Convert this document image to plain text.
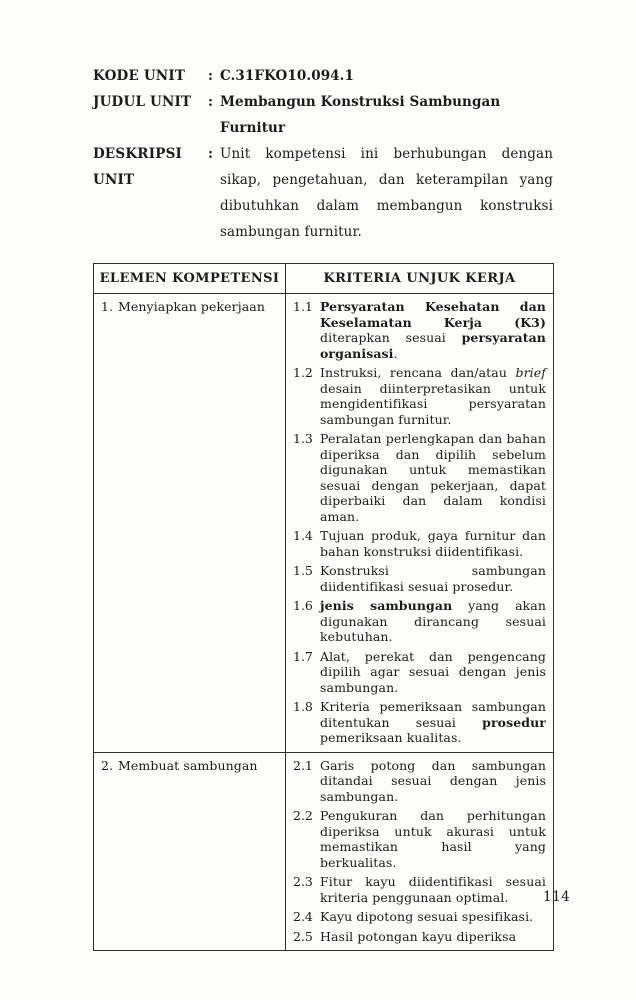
KODE UNIT	: C.31FKO10.094.1
JUDUL UNIT	: Membangun Konstruksi Sambungan Furnitur
DESKRIPSI UNIT
: Unit kompetensi ini berhubungan dengan sikap, pengetahuan, dan keterampilan yang dibutuhkan dalam membangun konstruksi sambungan furnitur.
ELEMEN KOMPETENSI	KRITERIA UNJUK KERJA

1. Menyiapkan pekerjaan	1.1 Persyaratan Kesehatan dan Keselamatan Kerja (K3) diterapkan sesuai persyaratan organisasi.
1.2 Instruksi, rencana dan/atau brief desain diinterpretasikan untuk mengidentifikasi persyaratan sambungan furnitur.
1.3 Peralatan perlengkapan dan bahan diperiksa dan dipilih sebelum digunakan untuk memastikan sesuai dengan pekerjaan, dapat diperbaiki dan dalam kondisi aman.
1.4 Tujuan produk, gaya furnitur dan bahan konstruksi diidentifikasi.
1.5 Konstruksi sambungan diidentifikasi sesuai prosedur.
1.6 jenis sambungan yang akan digunakan dirancang sesuai kebutuhan.
1.7 Alat, perekat dan pengencang dipilih agar sesuai dengan jenis sambungan.
1.8 Kriteria pemeriksaan sambungan ditentukan sesuai prosedur pemeriksaan kualitas.

2. Membuat sambungan	2.1 Garis potong dan sambungan ditandai sesuai dengan jenis sambungan.
2.2 Pengukuran dan perhitungan diperiksa untuk akurasi untuk memastikan hasil yang berkualitas.
2.3 Fitur kayu diidentifikasi sesuai kriteria penggunaan optimal.
2.4 Kayu dipotong sesuai spesifikasi.
2.5 Hasil potongan kayu diperiksa
114
